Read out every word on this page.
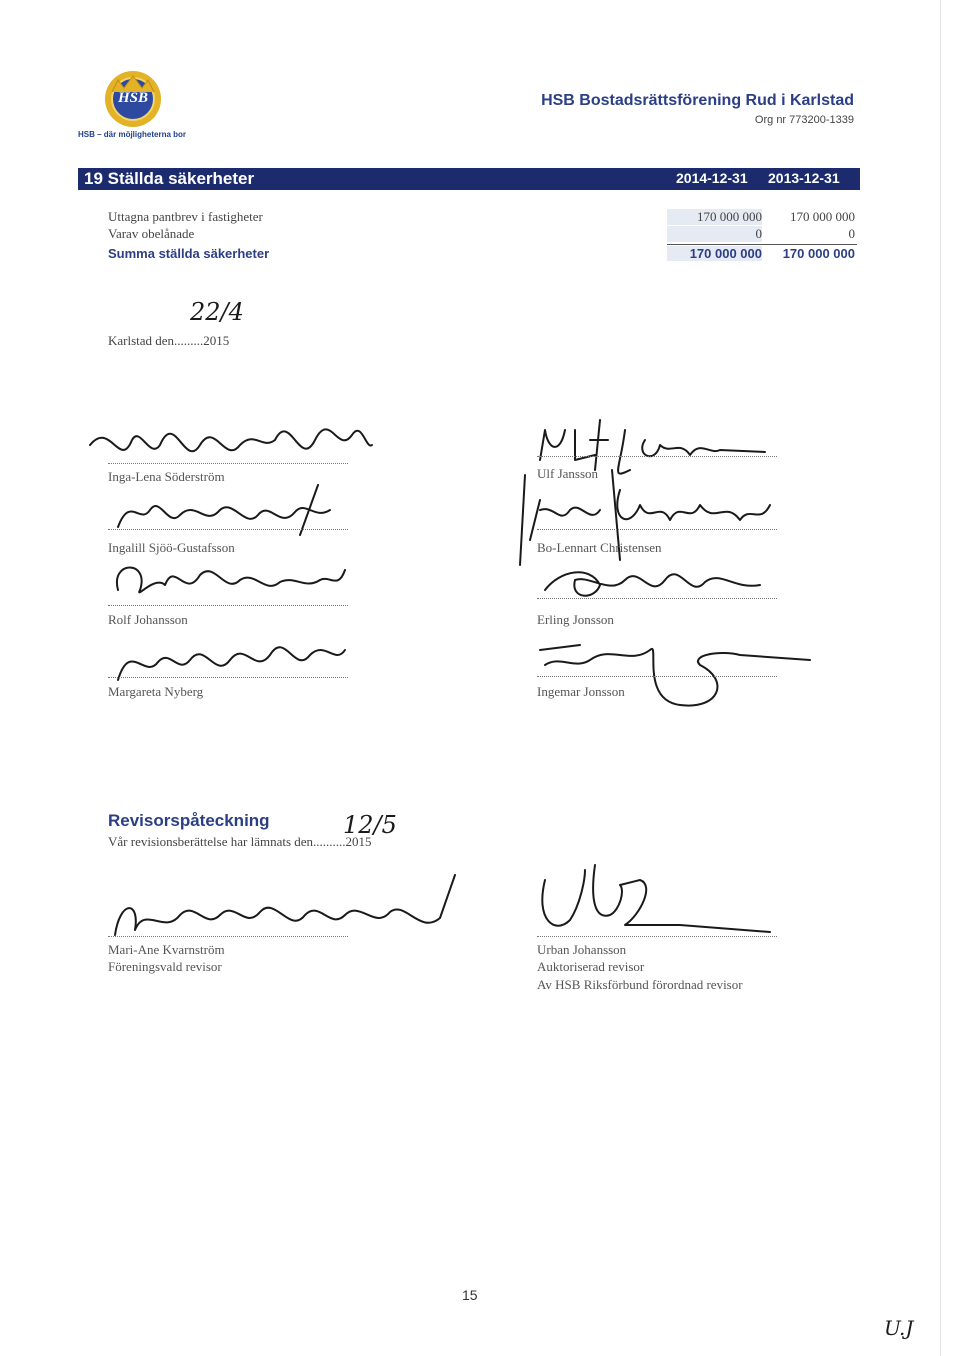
HSB
HSB – där möjligheterna bor
HSB Bostadsrättsförening Rud i Karlstad
Org nr 773200-1339
19 Ställda säkerheter	2014-12-31 2013-12-31
Uttagna pantbrev i fastigheter	170 000 000	170 000 000
Varav obelånade	0	0
Summa ställda säkerheter	170 000 000	170 000 000
Karlstad den.........2015
22/4
Inga-Lena Söderström
Ingalill Sjöö-Gustafsson
Rolf Johansson
Margareta Nyberg
Ulf Jansson
Bo-Lennart Christensen
Erling Jonsson
Ingemar Jonsson
Revisorspåteckning
Vår revisionsberättelse har lämnats den..........2015
12/5
Mari-Ane Kvarnström
Föreningsvald revisor
Urban Johansson
Auktoriserad revisor
Av HSB Riksförbund förordnad revisor
15
U.J
